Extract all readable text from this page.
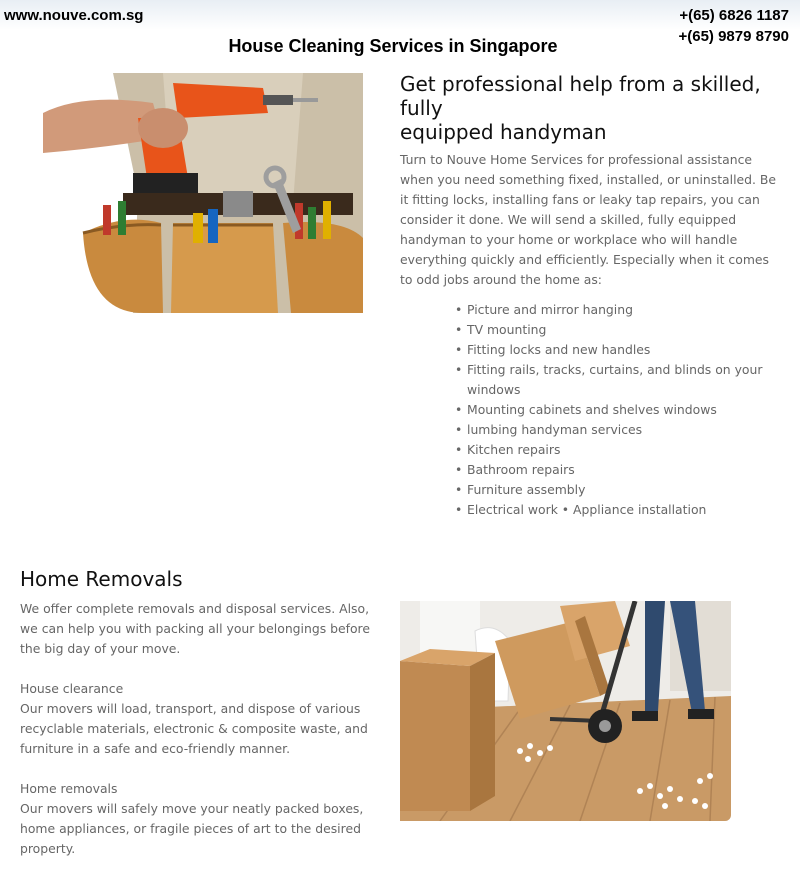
www.nouve.com.sg	+(65) 6826 1187
+(65) 9879 8790
House Cleaning Services in Singapore
Get professional help from a skilled, fully
equipped handyman

Turn to Nouve Home Services for professional assistance when you need something fixed, installed, or uninstalled. Be it fitting locks, installing fans or leaky tap repairs, you can consider it done. We will send a skilled, fully equipped handyman to your home or workplace who will handle everything quickly and efficiently. Especially when it comes to odd jobs around the home as:

• Picture and mirror hanging
• TV mounting
• Fitting locks and new handles
• Fitting rails, tracks, curtains, and blinds on your windows
• Mounting cabinets and shelves windows
• lumbing handyman services
• Kitchen repairs
• Bathroom repairs
• Furniture assembly
• Electrical work • Appliance installation
Home Removals

We offer complete removals and disposal services. Also, we can help you with packing all your belongings before the big day of your move.

House clearance
Our movers will load, transport, and dispose of various recyclable materials, electronic & composite waste, and furniture in a safe and eco-friendly manner.

Home removals
Our movers will safely move your neatly packed boxes, home appliances, or fragile pieces of art to the desired property.
